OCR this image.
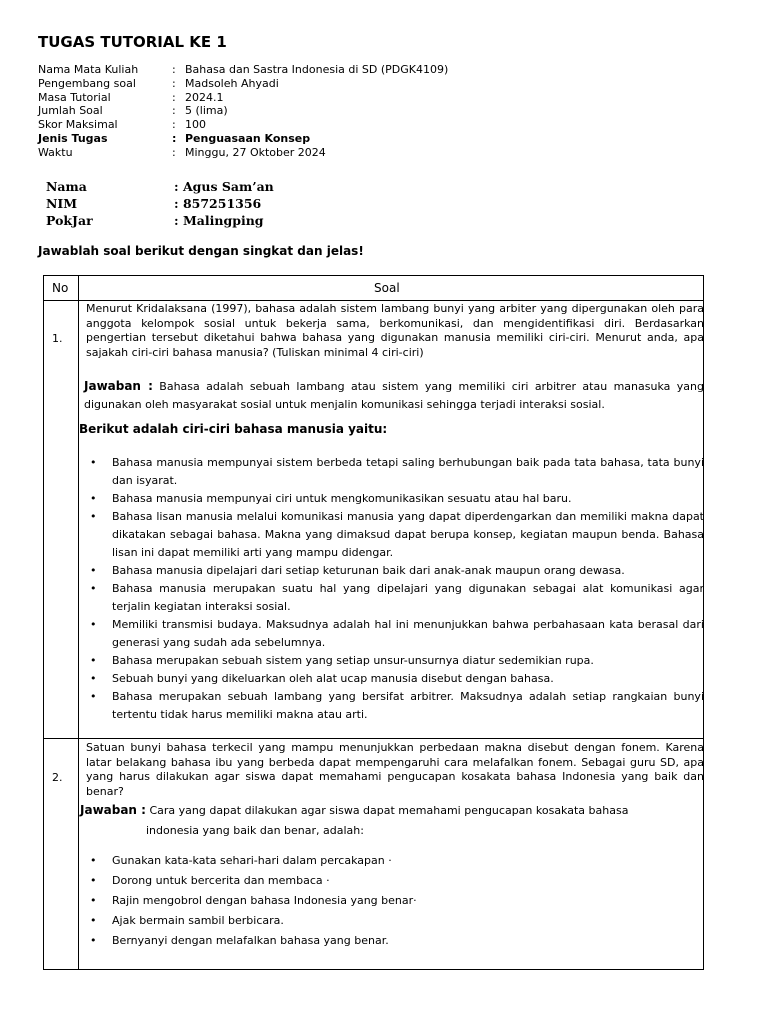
TUGAS TUTORIAL KE 1
Nama Mata Kuliah	: Bahasa dan Sastra Indonesia di SD (PDGK4109)
Pengembang soal	: Madsoleh Ahyadi
Masa Tutorial	: 2024.1
Jumlah Soal	: 5 (lima)
Skor Maksimal	: 100
Jenis Tugas	: Penguasaan Konsep
Waktu	: Minggu, 27 Oktober 2024
Nama	: Agus Sam’an
NIM	: 857251356
PokJar	: Malingping
Jawablah soal berikut dengan singkat dan jelas!
No	Soal
1.
Menurut Kridalaksana (1997), bahasa adalah sistem lambang bunyi yang arbiter yang dipergunakan oleh para anggota kelompok sosial untuk bekerja sama, berkomunikasi, dan mengidentifikasi diri. Berdasarkan pengertian tersebut diketahui bahwa bahasa yang digunakan manusia memiliki ciri-ciri. Menurut anda, apa sajakah ciri-ciri bahasa manusia? (Tuliskan minimal 4 ciri-ciri)
Jawaban : Bahasa adalah sebuah lambang atau sistem yang memiliki ciri arbitrer atau manasuka yang digunakan oleh masyarakat sosial untuk menjalin komunikasi sehingga terjadi interaksi sosial.
Berikut adalah ciri-ciri bahasa manusia yaitu:
• Bahasa manusia mempunyai sistem berbeda tetapi saling berhubungan baik pada tata bahasa, tata bunyi dan isyarat.
• Bahasa manusia mempunyai ciri untuk mengkomunikasikan sesuatu atau hal baru.
• Bahasa lisan manusia melalui komunikasi manusia yang dapat diperdengarkan dan memiliki makna dapat dikatakan sebagai bahasa. Makna yang dimaksud dapat berupa konsep, kegiatan maupun benda. Bahasa lisan ini dapat memiliki arti yang mampu didengar.
• Bahasa manusia dipelajari dari setiap keturunan baik dari anak-anak maupun orang dewasa.
• Bahasa manusia merupakan suatu hal yang dipelajari yang digunakan sebagai alat komunikasi agar terjalin kegiatan interaksi sosial.
• Memiliki transmisi budaya. Maksudnya adalah hal ini menunjukkan bahwa perbahasaan kata berasal dari generasi yang sudah ada sebelumnya.
• Bahasa merupakan sebuah sistem yang setiap unsur-unsurnya diatur sedemikian rupa.
• Sebuah bunyi yang dikeluarkan oleh alat ucap manusia disebut dengan bahasa.
• Bahasa merupakan sebuah lambang yang bersifat arbitrer. Maksudnya adalah setiap rangkaian bunyi tertentu tidak harus memiliki makna atau arti.
2.
Satuan bunyi bahasa terkecil yang mampu menunjukkan perbedaan makna disebut dengan fonem. Karena latar belakang bahasa ibu yang berbeda dapat mempengaruhi cara melafalkan fonem. Sebagai guru SD, apa yang harus dilakukan agar siswa dapat memahami pengucapan kosakata bahasa Indonesia yang baik dan benar?
Jawaban : Cara yang dapat dilakukan agar siswa dapat memahami pengucapan kosakata bahasa
indonesia yang baik dan benar, adalah:
• Gunakan kata-kata sehari-hari dalam percakapan ·
• Dorong untuk bercerita dan membaca ·
• Rajin mengobrol dengan bahasa Indonesia yang benar·
• Ajak bermain sambil berbicara.
• Bernyanyi dengan melafalkan bahasa yang benar.
